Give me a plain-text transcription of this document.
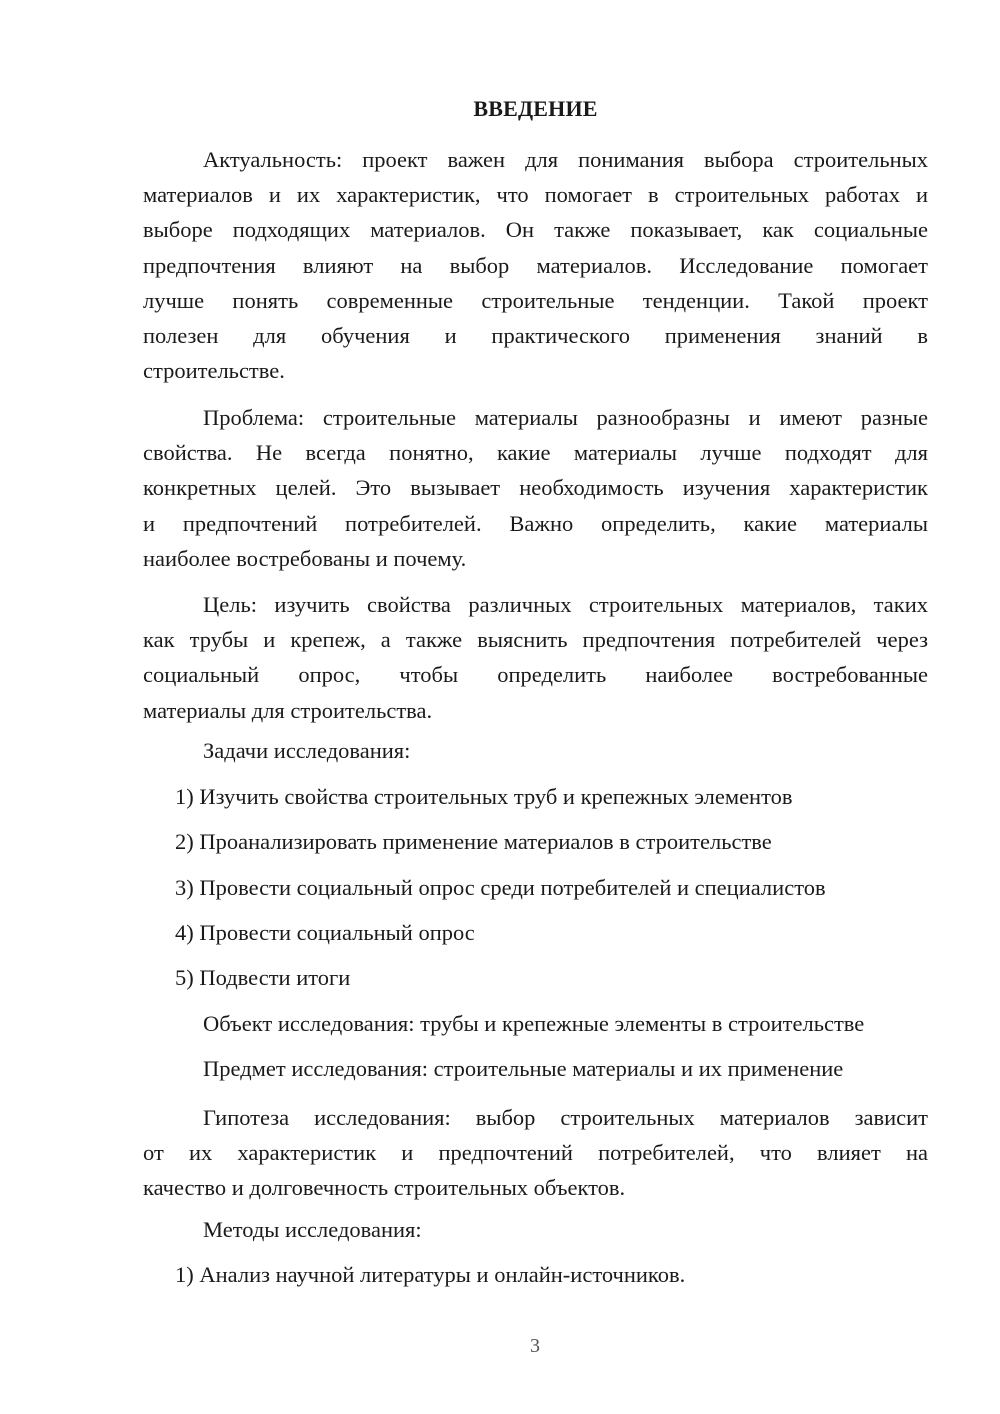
ВВЕДЕНИЕ
Актуальность: проект важен для понимания выбора строительных
материалов и их характеристик, что помогает в строительных работах и
выборе подходящих материалов. Он также показывает, как социальные
предпочтения влияют на выбор материалов. Исследование помогает
лучше понять современные строительные тенденции. Такой проект
полезен для обучения и практического применения знаний в
строительстве.
Проблема: строительные материалы разнообразны и имеют разные
свойства. Не всегда понятно, какие материалы лучше подходят для
конкретных целей. Это вызывает необходимость изучения характеристик
и предпочтений потребителей. Важно определить, какие материалы
наиболее востребованы и почему.
Цель: изучить свойства различных строительных материалов, таких
как трубы и крепеж, а также выяснить предпочтения потребителей через
социальный опрос, чтобы определить наиболее востребованные
материалы для строительства.
Задачи исследования:
1) Изучить свойства строительных труб и крепежных элементов
2) Проанализировать применение материалов в строительстве
3) Провести социальный опрос среди потребителей и специалистов
4) Провести социальный опрос
5) Подвести итоги
Объект исследования: трубы и крепежные элементы в строительстве
Предмет исследования: строительные материалы и их применение
Гипотеза исследования: выбор строительных материалов зависит
от их характеристик и предпочтений потребителей, что влияет на
качество и долговечность строительных объектов.
Методы исследования:
1) Анализ научной литературы и онлайн-источников.
3
